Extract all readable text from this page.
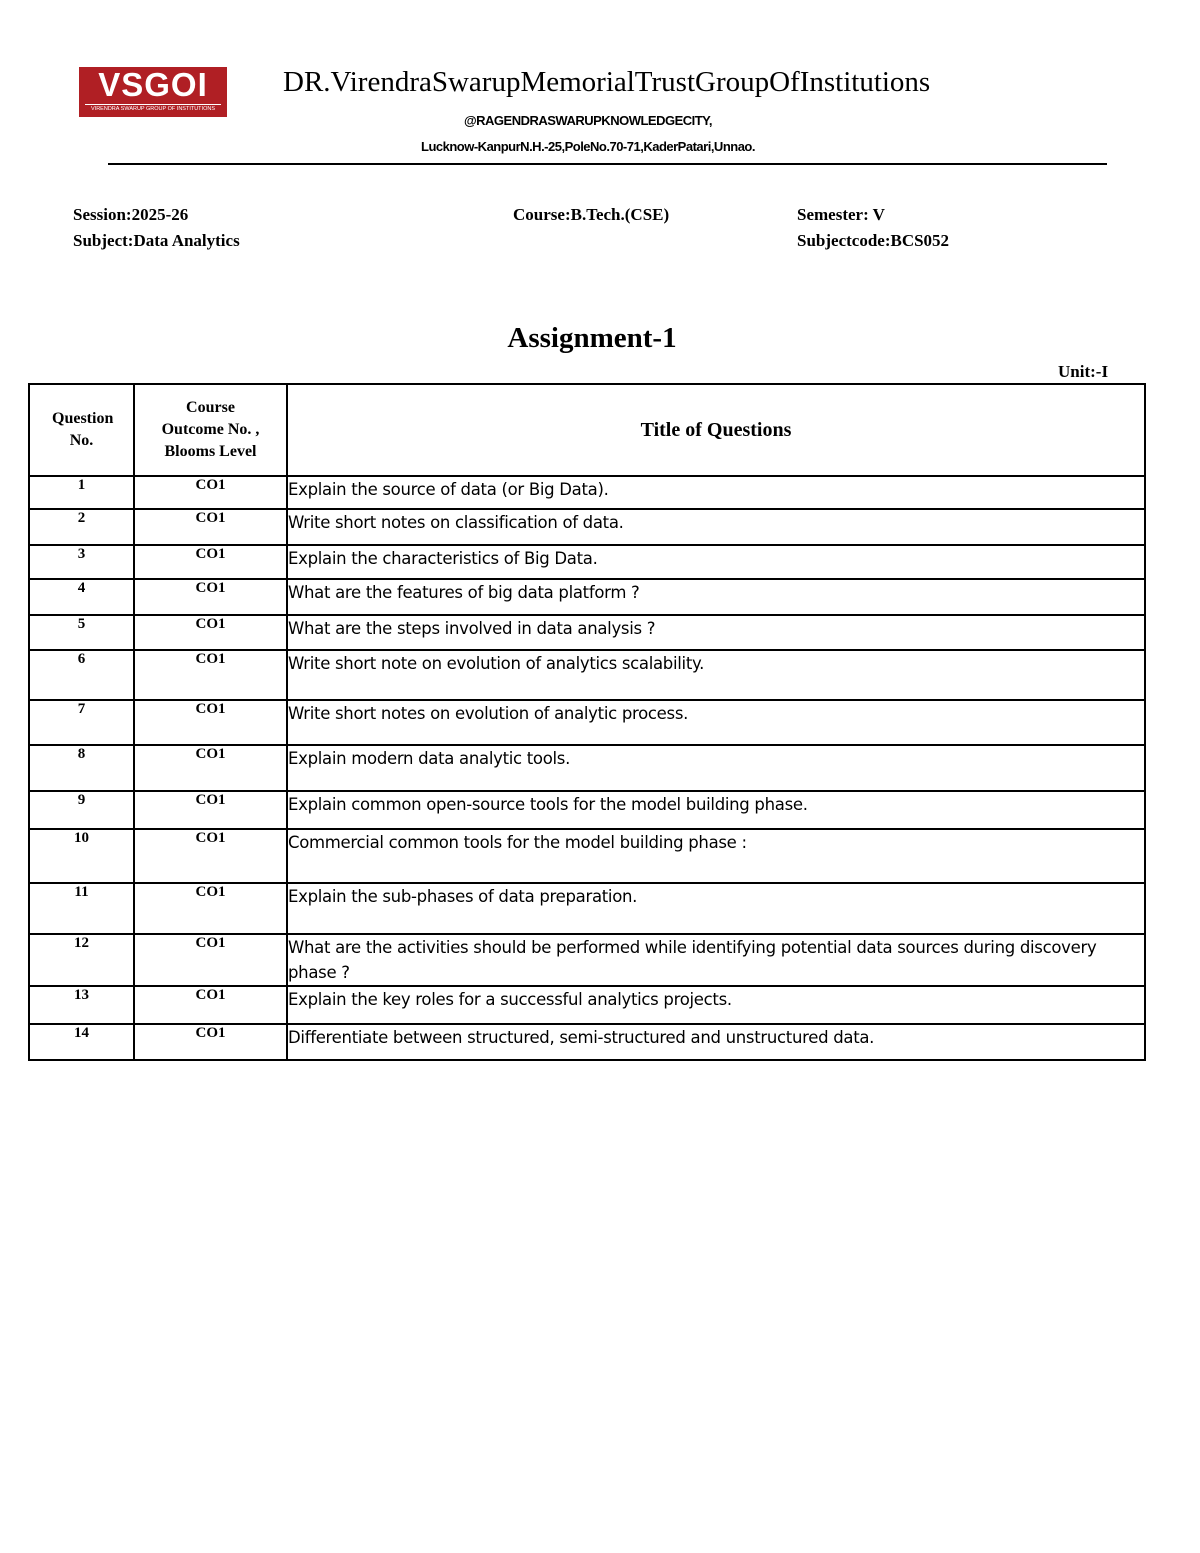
VSGOI
VIRENDRA SWARUP GROUP OF INSTITUTIONS
DR.VirendraSwarupMemorialTrustGroupOfInstitutions
@RAGENDRASWARUPKNOWLEDGECITY,
Lucknow-KanpurN.H.-25,PoleNo.70-71,KaderPatari,Unnao.
Session:2025-26	Course:B.Tech.(CSE)	Semester: V
Subject:Data Analytics	Subjectcode:BCS052
Assignment-1
Unit:-I
Question No.	Course Outcome No. , Blooms Level	Title of Questions
1	CO1	Explain the source of data (or Big Data).
2	CO1	Write short notes on classification of data.
3	CO1	Explain the characteristics of Big Data.
4	CO1	What are the features of big data platform ?
5	CO1	What are the steps involved in data analysis ?
6	CO1	Write short note on evolution of analytics scalability.
7	CO1	Write short notes on evolution of analytic process.
8	CO1	Explain modern data analytic tools.
9	CO1	Explain common open-source tools for the model building phase.
10	CO1	Commercial common tools for the model building phase :
11	CO1	Explain the sub-phases of data preparation.
12	CO1	What are the activities should be performed while identifying potential data sources during discovery phase ?
13	CO1	Explain the key roles for a successful analytics projects.
14	CO1	Differentiate between structured, semi-structured and unstructured data.
